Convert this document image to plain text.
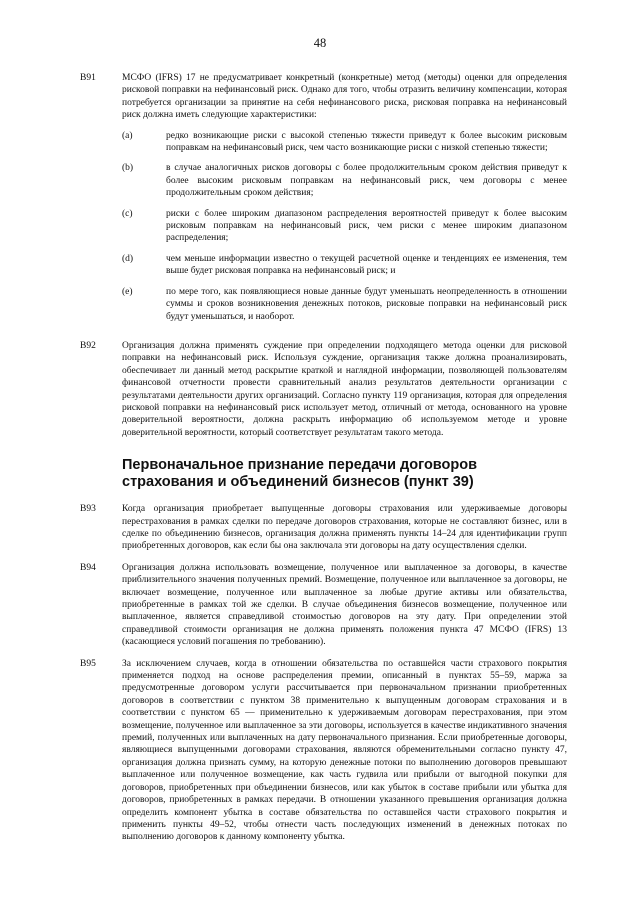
48
B91	МСФО (IFRS) 17 не предусматривает конкретный (конкретные) метод (методы) оценки для определения рисковой поправки на нефинансовый риск. Однако для того, чтобы отразить величину компенсации, которая потребуется организации за принятие на себя нефинансового риска, рисковая поправка на нефинансовый риск должна иметь следующие характеристики:
(a)	редко возникающие риски с высокой степенью тяжести приведут к более высоким рисковым поправкам на нефинансовый риск, чем часто возникающие риски с низкой степенью тяжести;
(b)	в случае аналогичных рисков договоры с более продолжительным сроком действия приведут к более высоким рисковым поправкам на нефинансовый риск, чем договоры с менее продолжительным сроком действия;
(c)	риски с более широким диапазоном распределения вероятностей приведут к более высоким рисковым поправкам на нефинансовый риск, чем риски с менее широким диапазоном распределения;
(d)	чем меньше информации известно о текущей расчетной оценке и тенденциях ее изменения, тем выше будет рисковая поправка на нефинансовый риск; и
(e)	по мере того, как появляющиеся новые данные будут уменьшать неопределенность в отношении суммы и сроков возникновения денежных потоков, рисковые поправки на нефинансовый риск будут уменьшаться, и наоборот.
B92	Организация должна применять суждение при определении подходящего метода оценки для рисковой поправки на нефинансовый риск. Используя суждение, организация также должна проанализировать, обеспечивает ли данный метод раскрытие краткой и наглядной информации, позволяющей пользователям финансовой отчетности провести сравнительный анализ результатов деятельности организации с результатами деятельности других организаций. Согласно пункту 119 организация, которая для определения рисковой поправки на нефинансовый риск использует метод, отличный от метода, основанного на уровне доверительной вероятности, должна раскрыть информацию об используемом методе и уровне доверительной вероятности, который соответствует результатам такого метода.
Первоначальное признание передачи договоров страхования и объединений бизнесов (пункт 39)
B93	Когда организация приобретает выпущенные договоры страхования или удерживаемые договоры перестрахования в рамках сделки по передаче договоров страхования, которые не составляют бизнес, или в сделке по объединению бизнесов, организация должна применять пункты 14–24 для идентификации групп приобретенных договоров, как если бы она заключала эти договоры на дату осуществления сделки.
B94	Организация должна использовать возмещение, полученное или выплаченное за договоры, в качестве приблизительного значения полученных премий. Возмещение, полученное или выплаченное за договоры, не включает возмещение, полученное или выплаченное за любые другие активы или обязательства, приобретенные в рамках той же сделки. В случае объединения бизнесов возмещение, полученное или выплаченное, является справедливой стоимостью договоров на эту дату. При определении этой справедливой стоимости организация не должна применять положения пункта 47 МСФО (IFRS) 13 (касающиеся условий погашения по требованию).
B95	За исключением случаев, когда в отношении обязательства по оставшейся части страхового покрытия применяется подход на основе распределения премии, описанный в пунктах 55–59, маржа за предусмотренные договором услуги рассчитывается при первоначальном признании приобретенных договоров в соответствии с пунктом 38 применительно к выпущенным договорам страхования и в соответствии с пунктом 65 — применительно к удерживаемым договорам перестрахования, при этом возмещение, полученное или выплаченное за эти договоры, используется в качестве индикативного значения премий, полученных или выплаченных на дату первоначального признания. Если приобретенные договоры, являющиеся выпущенными договорами страхования, являются обременительными согласно пункту 47, организация должна признать сумму, на которую денежные потоки по выполнению договоров превышают выплаченное или полученное возмещение, как часть гудвила или прибыли от выгодной покупки для договоров, приобретенных при объединении бизнесов, или как убыток в составе прибыли или убытка для договоров, приобретенных в рамках передачи. В отношении указанного превышения организация должна определить компонент убытка в составе обязательства по оставшейся части страхового покрытия и применить пункты 49–52, чтобы отнести часть последующих изменений в денежных потоках по выполнению договоров к данному компоненту убытка.
